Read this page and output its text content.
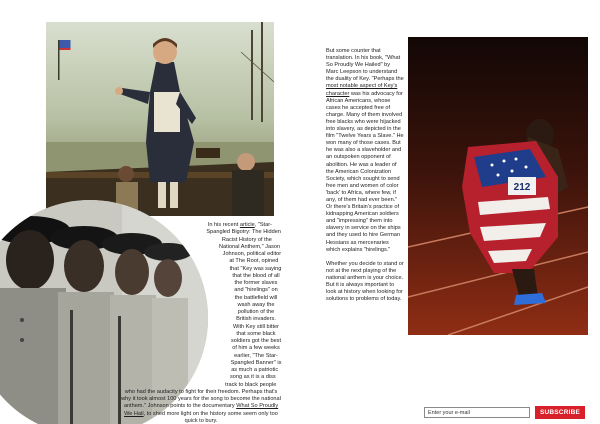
In his recent article, "Star-Spangled Bigotry: The Hidden Racist History of the National Anthem," Jason Johnson, political editor at The Root, opined that "Key was saying that the blood of all the former slaves and "hirelings" on the battlefield will wash away the pollution of the British invaders. With Key still bitter that some black soldiers got the best of him a few weeks earlier, "The Star-Spangled Banner" is as much a patriotic song as it is a diss track to black people who had the audacity to fight for their freedom. Perhaps that's why it took almost 100 years for the song to become the national anthem." Johnson points to the documentary What So Proudly We Hail, to shed more light on the history some seem only too quick to bury.

But some counter that translation. In his book, "What So Proudly We Hailed" by Marc Leepson to understand the duality of Key. "Perhaps the most notable aspect of Key's character was his advocacy for African Americans, whose cases he accepted free of charge. Many of them involved free blacks who were hijacked into slavery, as depicted in the film "Twelve Years a Slave." He won many of those cases. But he was also a slaveholder and an outspoken opponent of abolition. He was a leader of the American Colonization Society, which sought to send free men and women of color 'back' to Africa, where few, if any, of them had ever been." Or there's Britain's practice of kidnapping American soldiers and "impressing" them into slavery in service on the ships and they used to hire German Hessians as mercenaries which explains "hirelings."

Whether you decide to stand or not at the next playing of the national anthem is your choice. But it is always important to look at history when looking for solutions to problems of today.

212
Enter your e-mail
SUBSCRIBE
